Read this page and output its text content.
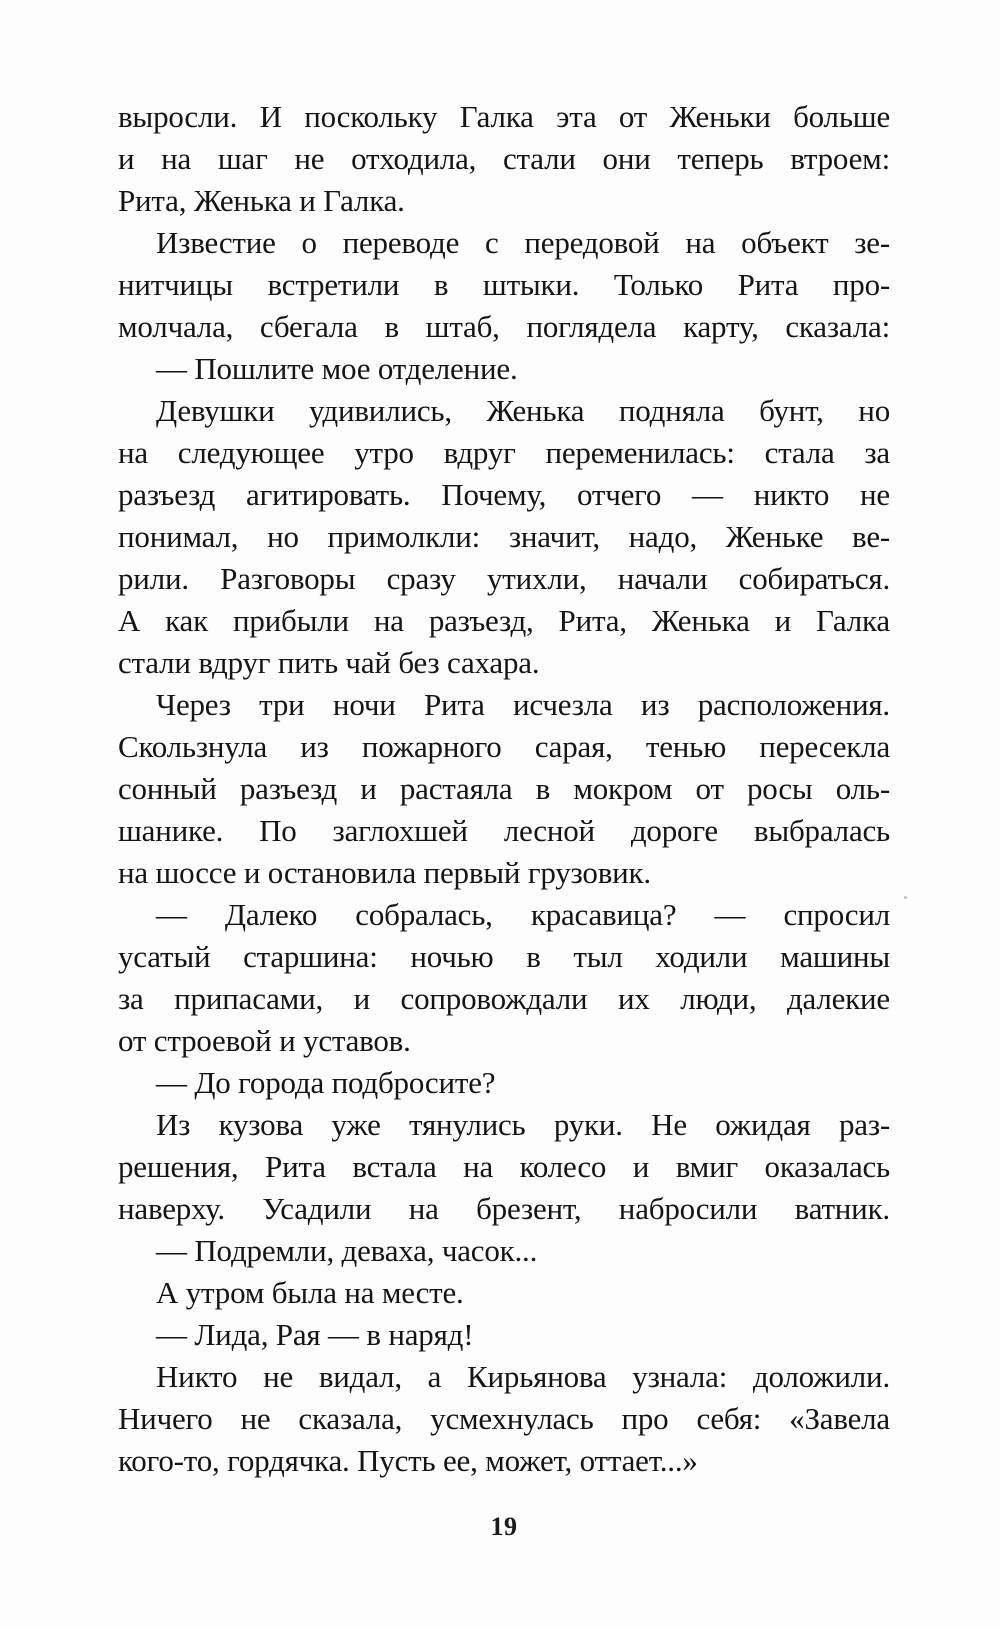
выросли. И поскольку Галка эта от Женьки больше
и на шаг не отходила, стали они теперь втроем:
Рита, Женька и Галка.
Известие о переводе с передовой на объект зе-
нитчицы встретили в штыки. Только Рита про-
молчала, сбегала в штаб, поглядела карту, сказала:
— Пошлите мое отделение.
Девушки удивились, Женька подняла бунт, но
на следующее утро вдруг переменилась: стала за
разъезд агитировать. Почему, отчего — никто не
понимал, но примолкли: значит, надо, Женьке ве-
рили. Разговоры сразу утихли, начали собираться.
А как прибыли на разъезд, Рита, Женька и Галка
стали вдруг пить чай без сахара.
Через три ночи Рита исчезла из расположения.
Скользнула из пожарного сарая, тенью пересекла
сонный разъезд и растаяла в мокром от росы оль-
шанике. По заглохшей лесной дороге выбралась
на шоссе и остановила первый грузовик.
— Далеко собралась, красавица? — спросил
усатый старшина: ночью в тыл ходили машины
за припасами, и сопровождали их люди, далекие
от строевой и уставов.
— До города подбросите?
Из кузова уже тянулись руки. Не ожидая раз-
решения, Рита встала на колесо и вмиг оказалась
наверху. Усадили на брезент, набросили ватник.
— Подремли, деваха, часок...
А утром была на месте.
— Лида, Рая — в наряд!
Никто не видал, а Кирьянова узнала: доложили.
Ничего не сказала, усмехнулась про себя: «Завела
кого-то, гордячка. Пусть ее, может, оттает...»
19
